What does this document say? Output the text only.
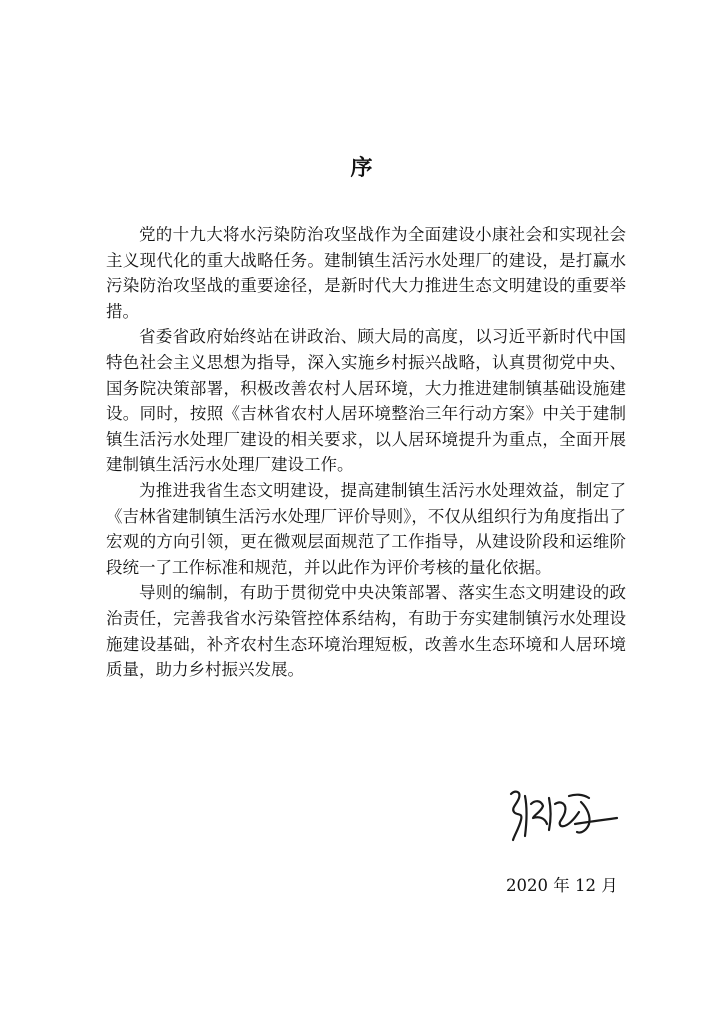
序

党的十九大将水污染防治攻坚战作为全面建设小康社会和实现社会主义现代化的重大战略任务。建制镇生活污水处理厂的建设，是打赢水污染防治攻坚战的重要途径，是新时代大力推进生态文明建设的重要举措。

省委省政府始终站在讲政治、顾大局的高度，以习近平新时代中国特色社会主义思想为指导，深入实施乡村振兴战略，认真贯彻党中央、国务院决策部署，积极改善农村人居环境，大力推进建制镇基础设施建设。同时，按照《吉林省农村人居环境整治三年行动方案》中关于建制镇生活污水处理厂建设的相关要求，以人居环境提升为重点，全面开展建制镇生活污水处理厂建设工作。

为推进我省生态文明建设，提高建制镇生活污水处理效益，制定了《吉林省建制镇生活污水处理厂评价导则》，不仅从组织行为角度指出了宏观的方向引领，更在微观层面规范了工作指导，从建设阶段和运维阶段统一了工作标准和规范，并以此作为评价考核的量化依据。

导则的编制，有助于贯彻党中央决策部署、落实生态文明建设的政治责任，完善我省水污染管控体系结构，有助于夯实建制镇污水处理设施建设基础，补齐农村生态环境治理短板，改善水生态环境和人居环境质量，助力乡村振兴发展。

2020 年 12 月
